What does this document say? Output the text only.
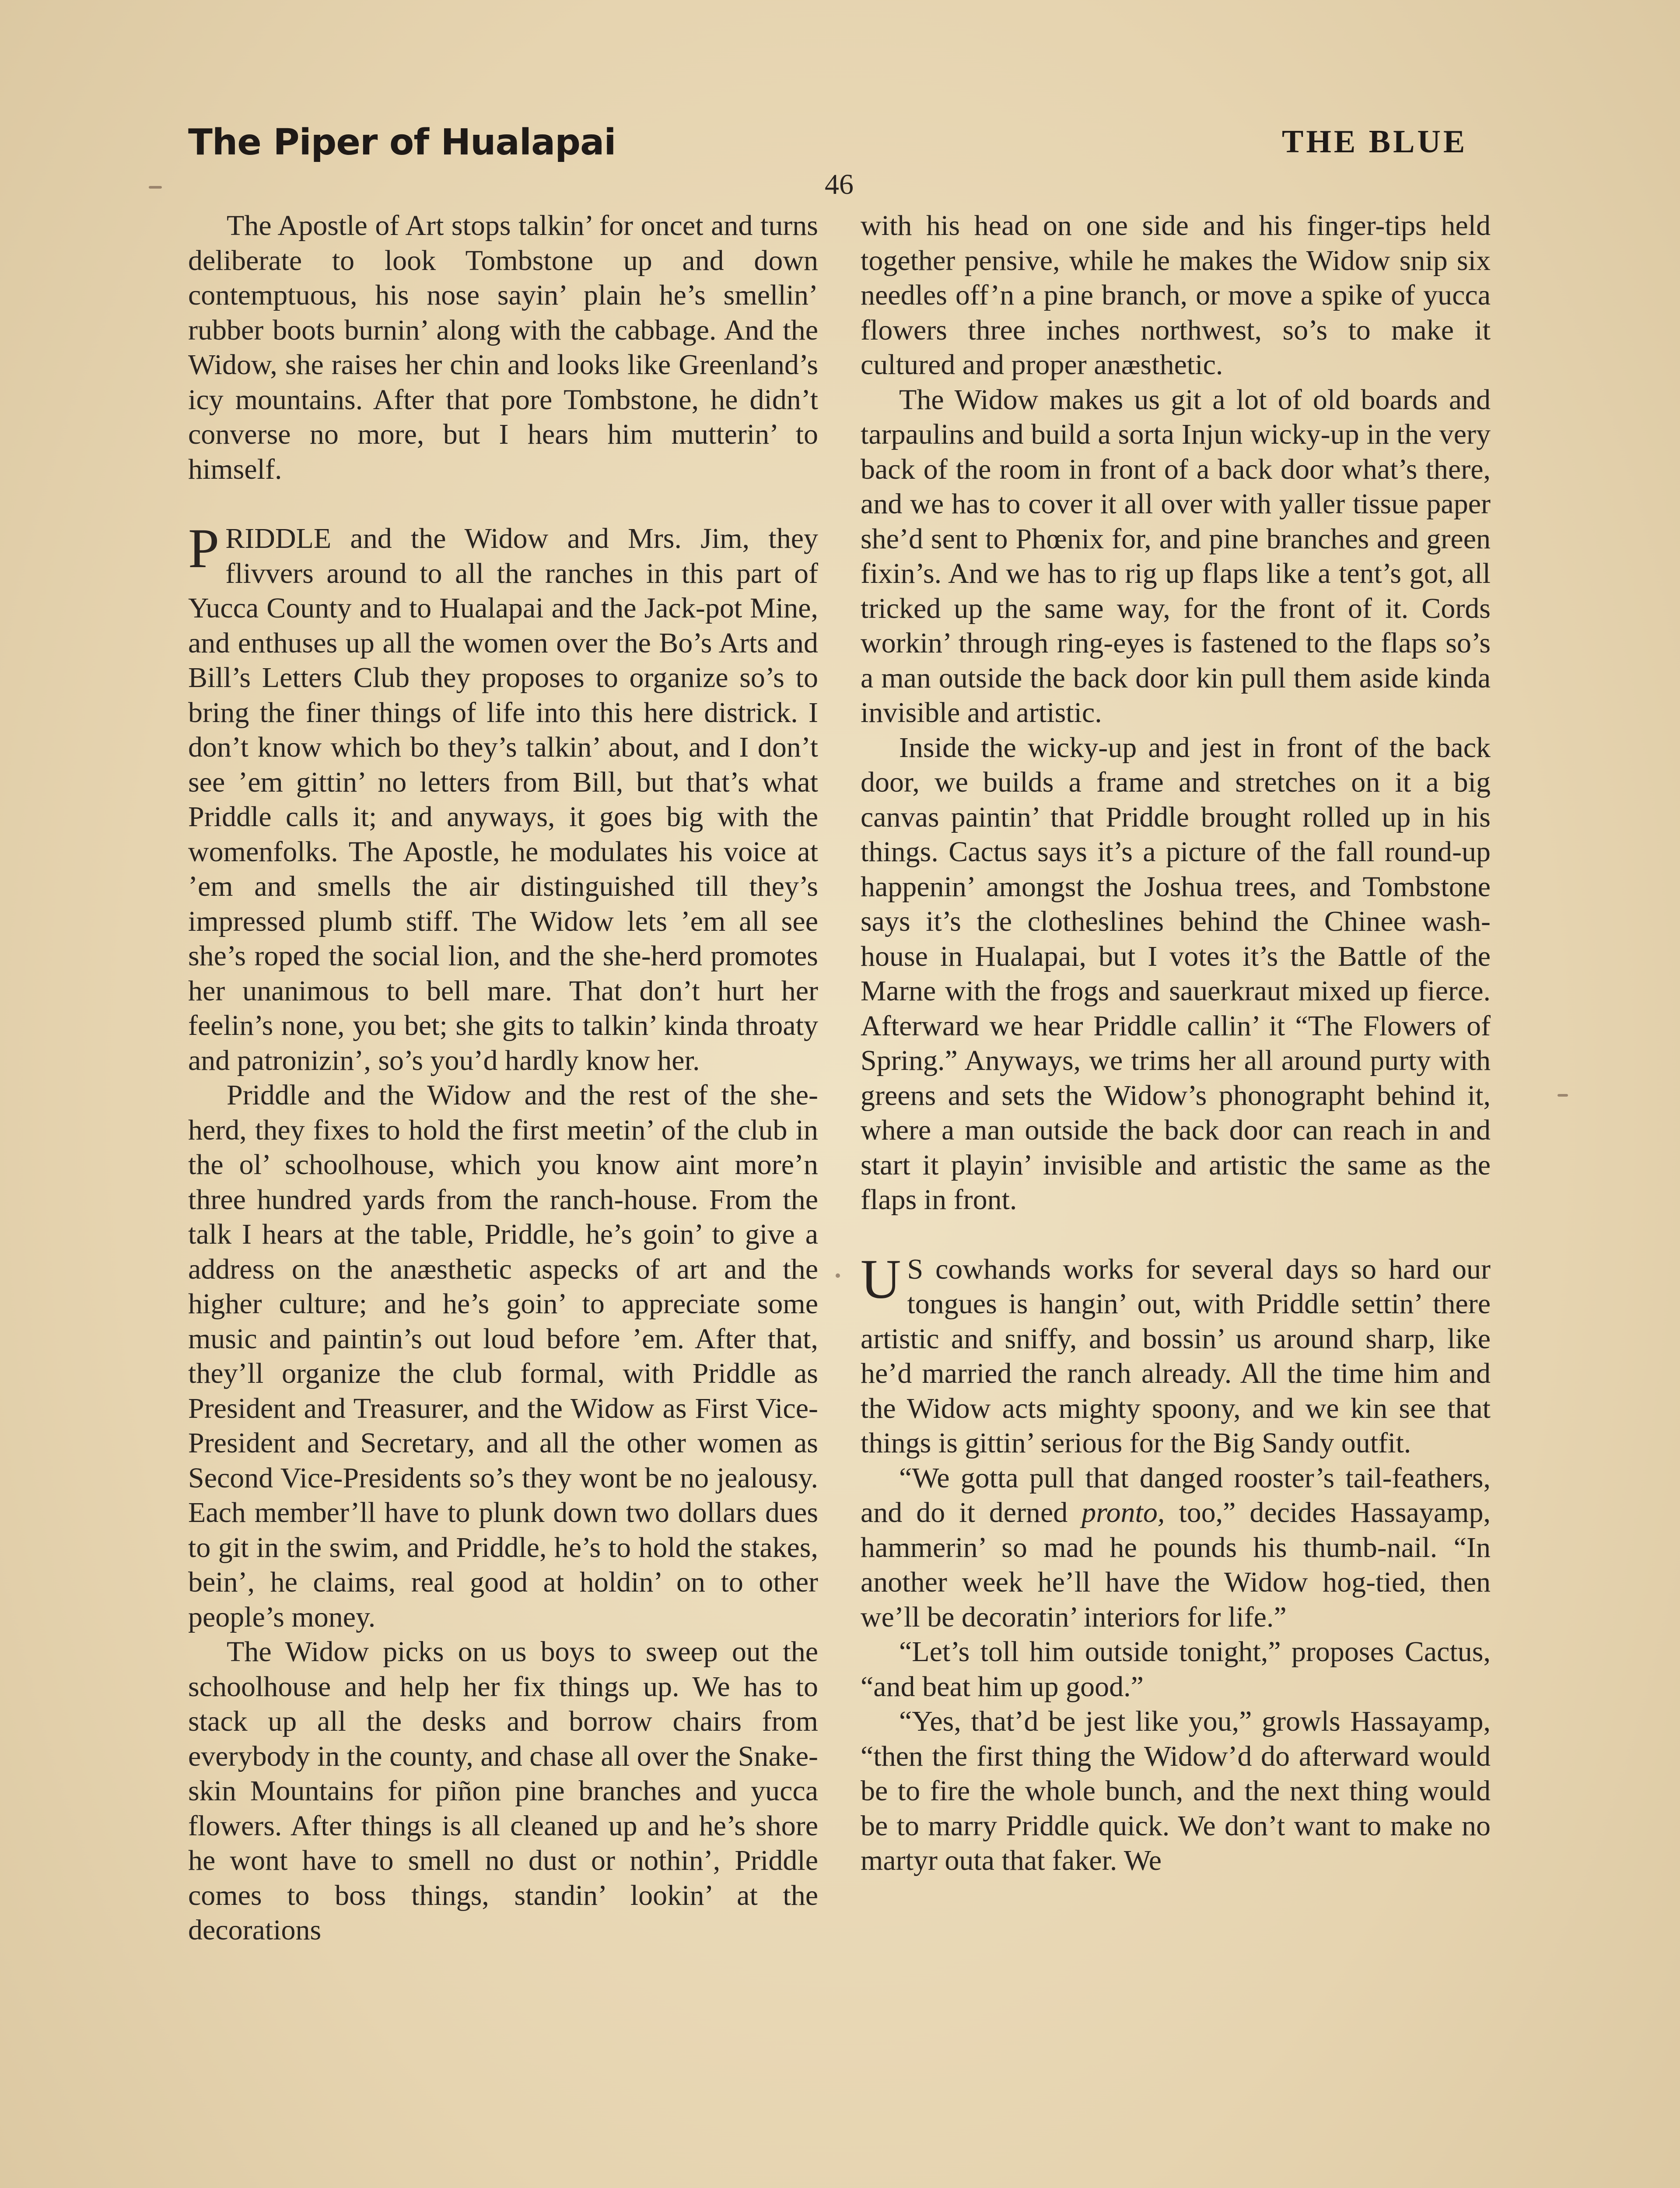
The Piper of Hualapai	THE BLUE
46

The Apostle of Art stops talkin’ for oncet and turns deliberate to look Tombstone up and down contemptuous, his nose sayin’ plain he’s smellin’ rubber boots burnin’ along with the cabbage. And the Widow, she raises her chin and looks like Greenland’s icy mountains. After that pore Tombstone, he didn’t converse no more, but I hears him mutterin’ to himself.

PRIDDLE and the Widow and Mrs. Jim, they flivvers around to all the ranches in this part of Yucca County and to Hualapai and the Jack-pot Mine, and enthuses up all the women over the Bo’s Arts and Bill’s Letters Club they proposes to organize so’s to bring the finer things of life into this here districk. I don’t know which bo they’s talkin’ about, and I don’t see ’em gittin’ no letters from Bill, but that’s what Priddle calls it; and anyways, it goes big with the womenfolks. The Apostle, he modulates his voice at ’em and smells the air distinguished till they’s impressed plumb stiff. The Widow lets ’em all see she’s roped the social lion, and the she-herd promotes her unanimous to bell mare. That don’t hurt her feelin’s none, you bet; she gits to talkin’ kinda throaty and patronizin’, so’s you’d hardly know her.

Priddle and the Widow and the rest of the she-herd, they fixes to hold the first meetin’ of the club in the ol’ schoolhouse, which you know aint more’n three hundred yards from the ranch-house. From the talk I hears at the table, Priddle, he’s goin’ to give a address on the anæsthetic aspecks of art and the higher culture; and he’s goin’ to appreciate some music and paintin’s out loud before ’em. After that, they’ll organize the club formal, with Priddle as President and Treasurer, and the Widow as First Vice-President and Secretary, and all the other women as Second Vice-Presidents so’s they wont be no jealousy. Each member’ll have to plunk down two dollars dues to git in the swim, and Priddle, he’s to hold the stakes, bein’, he claims, real good at holdin’ on to other people’s money.

The Widow picks on us boys to sweep out the schoolhouse and help her fix things up. We has to stack up all the desks and borrow chairs from everybody in the county, and chase all over the Snake-skin Mountains for piñon pine branches and yucca flowers. After things is all cleaned up and he’s shore he wont have to smell no dust or nothin’, Priddle comes to boss things, standin’ lookin’ at the decorations

with his head on one side and his finger-tips held together pensive, while he makes the Widow snip six needles off’n a pine branch, or move a spike of yucca flowers three inches northwest, so’s to make it cultured and proper anæsthetic.

The Widow makes us git a lot of old boards and tarpaulins and build a sorta Injun wicky-up in the very back of the room in front of a back door what’s there, and we has to cover it all over with yaller tissue paper she’d sent to Phœnix for, and pine branches and green fixin’s. And we has to rig up flaps like a tent’s got, all tricked up the same way, for the front of it. Cords workin’ through ring-eyes is fastened to the flaps so’s a man outside the back door kin pull them aside kinda invisible and artistic.

Inside the wicky-up and jest in front of the back door, we builds a frame and stretches on it a big canvas paintin’ that Priddle brought rolled up in his things. Cactus says it’s a picture of the fall round-up happenin’ amongst the Joshua trees, and Tombstone says it’s the clotheslines behind the Chinee wash-house in Hualapai, but I votes it’s the Battle of the Marne with the frogs and sauerkraut mixed up fierce. Afterward we hear Priddle callin’ it “The Flowers of Spring.” Anyways, we trims her all around purty with greens and sets the Widow’s phonographt behind it, where a man outside the back door can reach in and start it playin’ invisible and artistic the same as the flaps in front.

U S cowhands works for several days so hard our tongues is hangin’ out, with Priddle settin’ there artistic and sniffy, and bossin’ us around sharp, like he’d married the ranch already. All the time him and the Widow acts mighty spoony, and we kin see that things is gittin’ serious for the Big Sandy outfit.

“We gotta pull that danged rooster’s tail-feathers, and do it derned pronto, too,” decides Hassayamp, hammerin’ so mad he pounds his thumb-nail. “In another week he’ll have the Widow hog-tied, then we’ll be decoratin’ interiors for life.”

“Let’s toll him outside tonight,” proposes Cactus, “and beat him up good.”

“Yes, that’d be jest like you,” growls Hassayamp, “then the first thing the Widow’d do afterward would be to fire the whole bunch, and the next thing would be to marry Priddle quick. We don’t want to make no martyr outa that faker. We
